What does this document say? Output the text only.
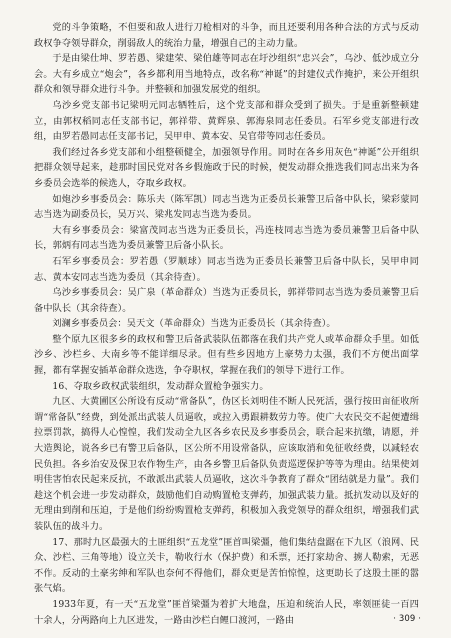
党的斗争策略，不但要和敌人进行刀枪相对的斗争，而且还要利用各种合法的方式与反动政权争夺领导群众，削弱敌人的统治力量，增强自己的主动力量。

于是由梁仕坤、罗若愚、梁建荣、梁伯雄等同志在圩沙组织“忠兴会”，乌沙、低沙成立分会。大有乡成立“炮会”，各乡都利用当地特点，改名称“神诞”的封建仪式作掩护，来公开组织群众和领导群众进行斗争。并整顿和加强发展党的组织。

乌沙乡党支部书记梁明元同志牺牲后，这个党支部和群众受到了损失。于是重新整顿建立，由郭权稻同志任支部书记，郭祥带、黄辉泉、郭海泉同志任委员。石军乡党支部进行改组，由罗若愚同志任支部书记，吴甲申、黄本安、吴官带等同志任委员。

我们经过各乡党支部和小组整顿健全，加强领导作用。同时在各乡用灰色“神诞”公开组织把群众领导起来，趁那时国民党对各乡假施政于民的时候，便发动群众推选我们同志出来为各乡委员会选举的候选人，夺取乡政权。

如炮沙乡事委员会：陈乐夫（陈军凯）同志当选为正委员长兼警卫后备中队长，梁彩蒙同志当选为副委员长，吴万兴、梁兆发同志当选为委员。

大有乡事委员会：梁富茂同志当选为正委员长，冯连枝同志当选为委员兼警卫后备中队长，郭炳有同志当选为委员兼警卫后备小队长。

石军乡事委员会：罗若愚（罗顺球）同志当选为正委员长兼警卫后备中队长，吴甲申同志、黄本安同志当选为委员（其余待查）。

乌沙乡事委员会：吴广泉（革命群众）当选为正委员长，郭祥带同志当选为委员兼警卫后备中队长（其余待查）。

刘澜乡事委员会：吴天文（革命群众）当选为正委员长（其余待查）。

整个原九区很多乡的政权和警卫后备武装队伍都落在我们共产党人或革命群众手里。如低沙乡、沙栏乡、大南乡等不能详细尽录。但有些乡因地方上豪势力太强，我们不方便出面掌握，都有掌握安插革命群众选选，争夺职权，掌握在我们的领导下进行工作。

16、夺取乡政权武装组织，发动群众置枪争强实力。

九区、大黄圃区公所设有反动“常备队”，伪区长刘明佳不断人民死活，强行按田亩征收所谓“常备队”经费，到处派出武装人员逼收，或拉入勇跟耕数劳力等。使广大农民交不起便遭缉拉票罚款，搞得人心惶惶，我们发动全九区各乡农民及乡事委员会，联合起来抗缴，请愿，并大造舆论，说各乡已有警卫后备队，区公所不用设常备队，应该取消和免征收经费，以减轻农民负担。各乡治安及保卫农作物生产，由各乡警卫后备队负责巡逻保护等等为理由。结果使刘明佳害怕农民起来反抗，不敢派出武装人员逼收，这次斗争教育了群众“团结就是力量”。我们趁这个机会进一步发动群众，鼓励他们自动购置枪支弹药，加强武装力量。抵抗发动以及好的无理由到削和压迫，于是他们纷纷购置枪支弹药，积极加入我党领导的群众组织，增强我们武装队伍的战斗力。

17、那时九区最强大的土匪组织“五龙堂”匪首叫梁彊，他们集结盘踞在下九区（浪网、民众、沙栏、三角等地）设立关卡，勒收行水（保护费）和禾票，还打家劫舍、掳人勒索，无恶不作。反动的土豪劣绅和军队也奈何不得他们，群众更是苦怕惊惶，这更助长了这股土匪的嚣张气焰。

1933年夏，有一天“五龙堂”匪首梁彊为着扩大地盘，压迫和统治人民，率领匪徒一百四十余人，分两路向上九区进发，一路由沙栏白鲤口渡河，一路由	· 309 ·
